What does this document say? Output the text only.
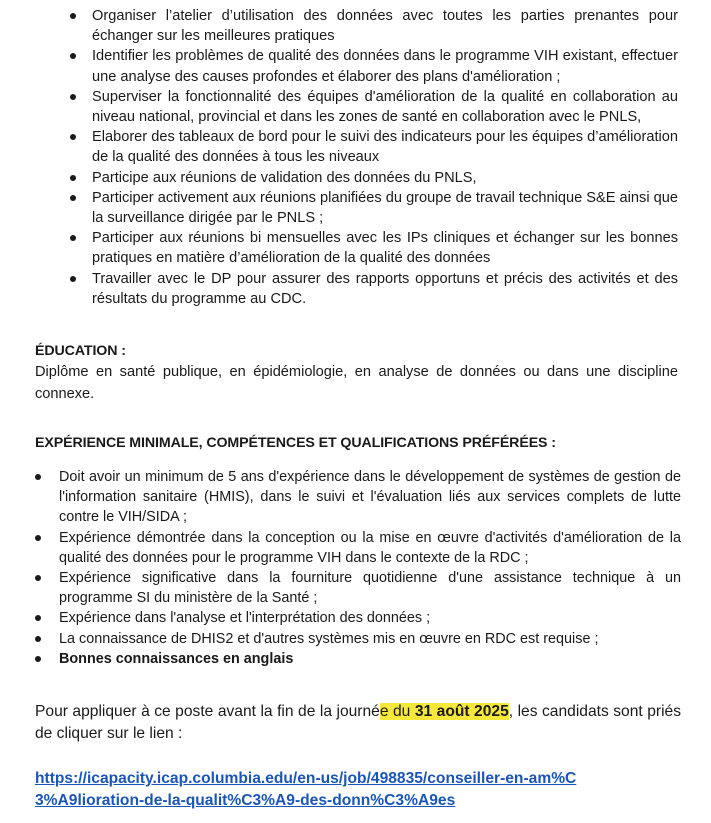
Organiser l’atelier d’utilisation des données avec toutes les parties prenantes pour échanger sur les meilleures pratiques
Identifier les problèmes de qualité des données dans le programme VIH existant, effectuer une analyse des causes profondes et élaborer des plans d'amélioration ;
Superviser la fonctionnalité des équipes d'amélioration de la qualité en collaboration au niveau national, provincial et dans les zones de santé en collaboration avec le PNLS,
Elaborer des tableaux de bord pour le suivi des indicateurs pour les équipes d’amélioration de la qualité des données à tous les niveaux
Participe aux réunions de validation des données du PNLS,
Participer activement aux réunions planifiées du groupe de travail technique S&E ainsi que la surveillance dirigée par le PNLS ;
Participer aux réunions bi mensuelles avec les IPs cliniques et échanger sur les bonnes pratiques en matière d’amélioration de la qualité des données
Travailler avec le DP pour assurer des rapports opportuns et précis des activités et des résultats du programme au CDC.
ÉDUCATION :
Diplôme en santé publique, en épidémiologie, en analyse de données ou dans une discipline connexe.
EXPÉRIENCE MINIMALE, COMPÉTENCES ET QUALIFICATIONS PRÉFÉRÉES :
Doit avoir un minimum de 5 ans d'expérience dans le développement de systèmes de gestion de l'information sanitaire (HMIS), dans le suivi et l'évaluation liés aux services complets de lutte contre le VIH/SIDA ;
Expérience démontrée dans la conception ou la mise en œuvre d'activités d'amélioration de la qualité des données pour le programme VIH dans le contexte de la RDC ;
Expérience significative dans la fourniture quotidienne d'une assistance technique à un programme SI du ministère de la Santé ;
Expérience dans l'analyse et l'interprétation des données ;
La connaissance de DHIS2 et d'autres systèmes mis en œuvre en RDC est requise ;
Bonnes connaissances en anglais
Pour appliquer à ce poste avant la fin de la journée du 31 août 2025, les candidats sont priés de cliquer sur le lien :
https://icapacity.icap.columbia.edu/en-us/job/498835/conseiller-en-am%C3%A9lioration-de-la-qualit%C3%A9-des-donn%C3%A9es
